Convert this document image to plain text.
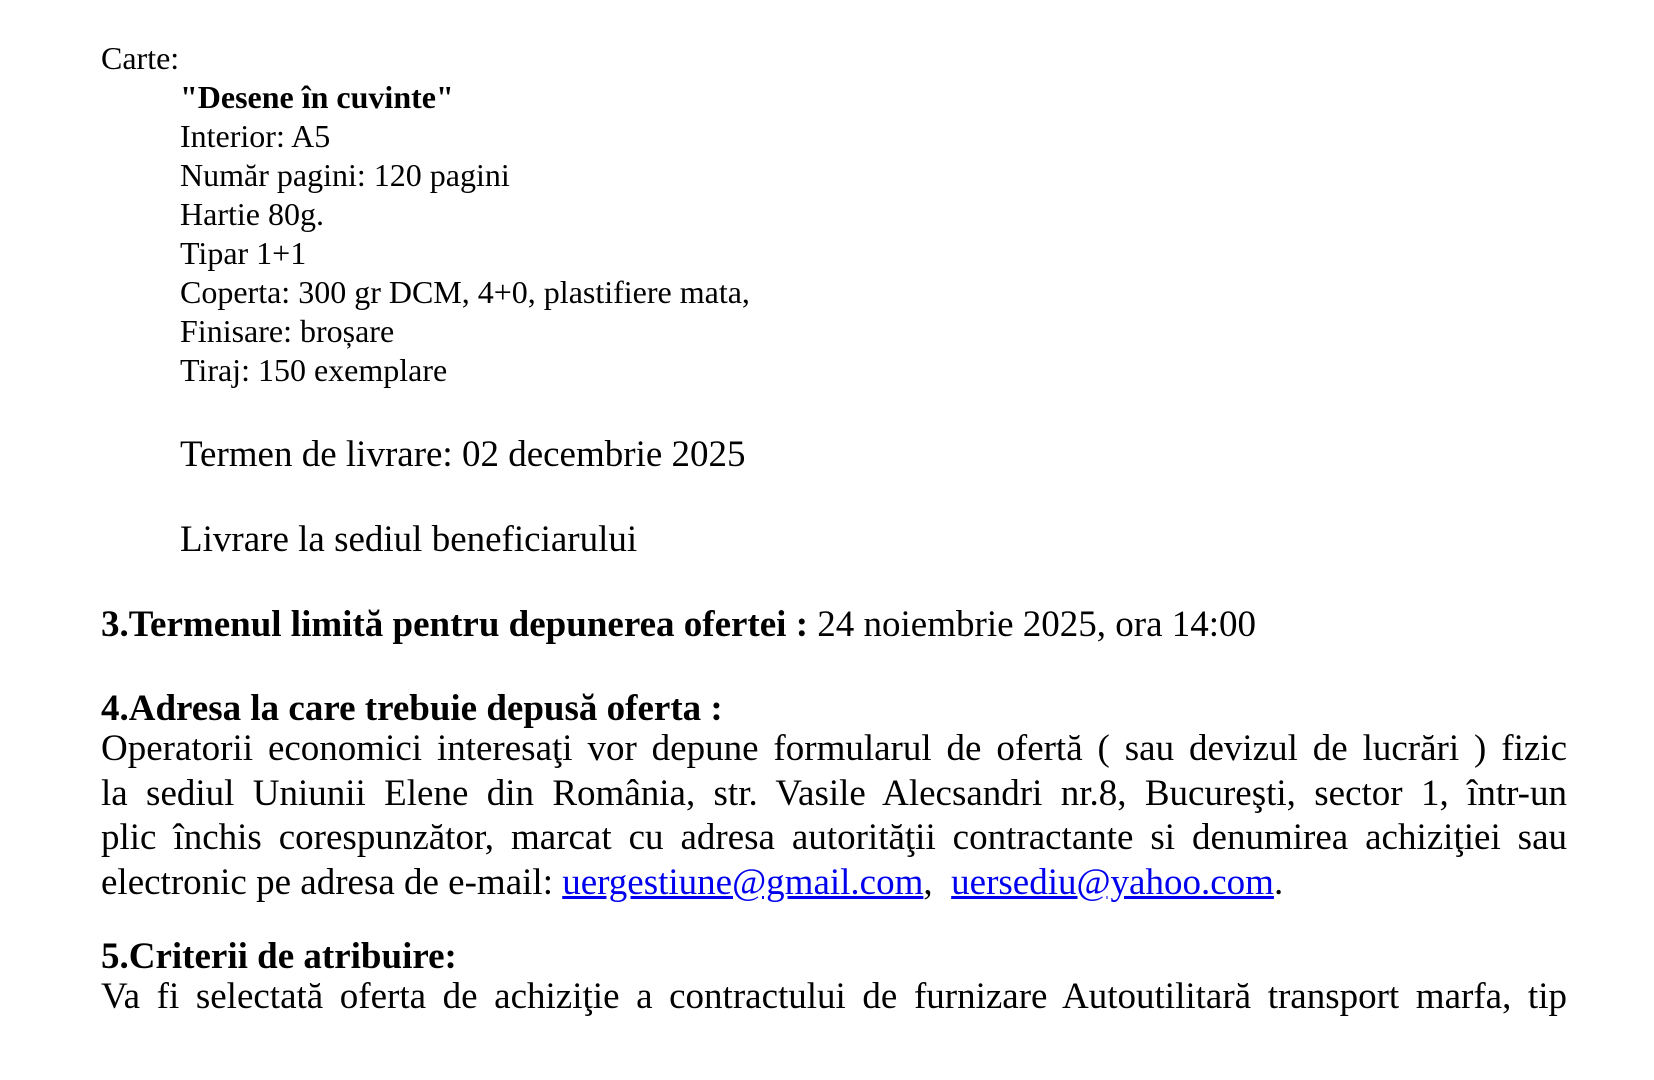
Carte:
"Desene în cuvinte"
Interior: A5
Număr pagini: 120 pagini
Hartie 80g.
Tipar 1+1
Coperta: 300 gr DCM, 4+0, plastifiere mata,
Finisare: broșare
Tiraj: 150 exemplare
Termen de livrare: 02 decembrie 2025
Livrare la sediul beneficiarului
3.Termenul limită pentru depunerea ofertei : 24 noiembrie 2025, ora 14:00
4.Adresa la care trebuie depusă oferta :
Operatorii economici interesaţi vor depune formularul de ofertă ( sau devizul de lucrări ) fizic
la sediul Uniunii Elene din România, str. Vasile Alecsandri nr.8, Bucureşti, sector 1, într-un
plic închis corespunzător, marcat cu adresa autorităţii contractante si denumirea achiziţiei sau
electronic pe adresa de e-mail: uergestiune@gmail.com,  uersediu@yahoo.com.
5.Criterii de atribuire:
Va fi selectată oferta de achiziţie a contractului de furnizare Autoutilitară transport marfa, tip
